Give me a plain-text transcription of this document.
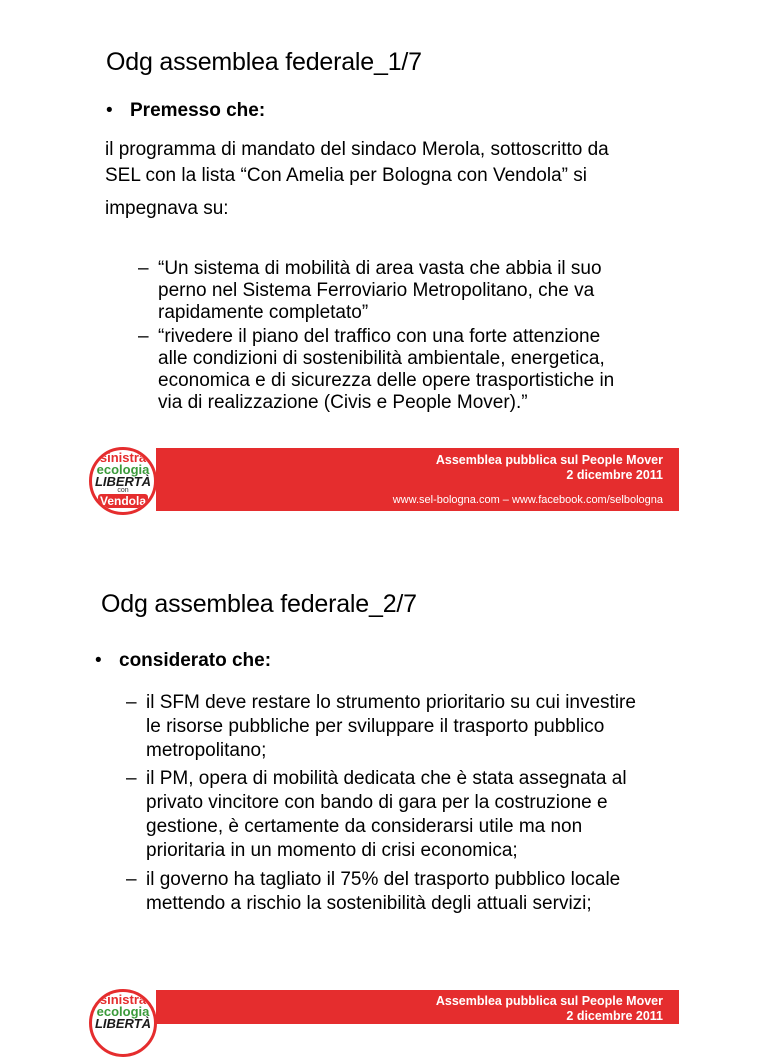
Odg assemblea federale_1/7
• Premesso che:
il programma di mandato del sindaco Merola, sottoscritto da
SEL con la lista “Con Amelia per Bologna con Vendola” si
impegnava su:
– “Un sistema di mobilità di area vasta che abbia il suo
perno nel Sistema Ferroviario Metropolitano, che va
rapidamente completato”
– “rivedere il piano del traffico con una forte attenzione
alle condizioni di sostenibilità ambientale, energetica,
economica e di sicurezza delle opere trasportistiche in
via di realizzazione (Civis e People Mover).”
Assemblea pubblica sul People Mover
2 dicembre 2011
www.sel-bologna.com – www.facebook.com/selbologna
sinistra
ecologia
LIBERTÀ
con
Vendola
Odg assemblea federale_2/7
• considerato che:
– il SFM deve restare lo strumento prioritario su cui investire
le risorse pubbliche per sviluppare il trasporto pubblico
metropolitano;
– il PM, opera di mobilità dedicata che è stata assegnata al
privato vincitore con bando di gara per la costruzione e
gestione, è certamente da considerarsi utile ma non
prioritaria in un momento di crisi economica;
– il governo ha tagliato il 75% del trasporto pubblico locale
mettendo a rischio la sostenibilità degli attuali servizi;
Assemblea pubblica sul People Mover
2 dicembre 2011
sinistra
ecologia
LIBERTÀ
